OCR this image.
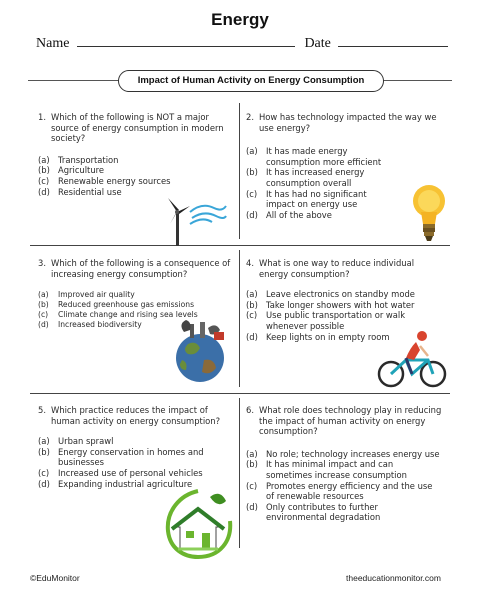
Energy
Name	Date
Impact of Human Activity on Energy Consumption
1. Which of the following is NOT a major source of energy consumption in modern society?
(a) Transportation
(b) Agriculture
(c)	Renewable energy sources
(d) Residential use
2. How has technology impacted the way we use energy?
(a) It has made energy consumption more efficient
(b) It has increased energy consumption overall
(c)	It has had no significant impact on energy use
(d) All of the above
3. Which of the following is a consequence of increasing energy consumption?
(a)	Improved air quality
(b)	Reduced greenhouse gas emissions
(c)	Climate change and rising sea levels
(d)	Increased biodiversity
4. What is one way to reduce individual energy consumption?
(a) Leave electronics on standby mode
(b) Take longer showers with hot water
(c)	Use public transportation or walk whenever possible
(d) Keep lights on in empty room
5. Which practice reduces the impact of human activity on energy consumption?
(a) Urban sprawl
(b) Energy conservation in homes and businesses
(c)	Increased use of personal vehicles
(d) Expanding industrial agriculture
6. What role does technology play in reducing the impact of human activity on energy consumption?
(a) No role; technology increases energy use
(b) It has minimal impact and can sometimes increase consumption
(c)	Promotes energy efficiency and the use of renewable resources
(d) Only contributes to further environmental degradation
©EduMonitor	theeducationmonitor.com
